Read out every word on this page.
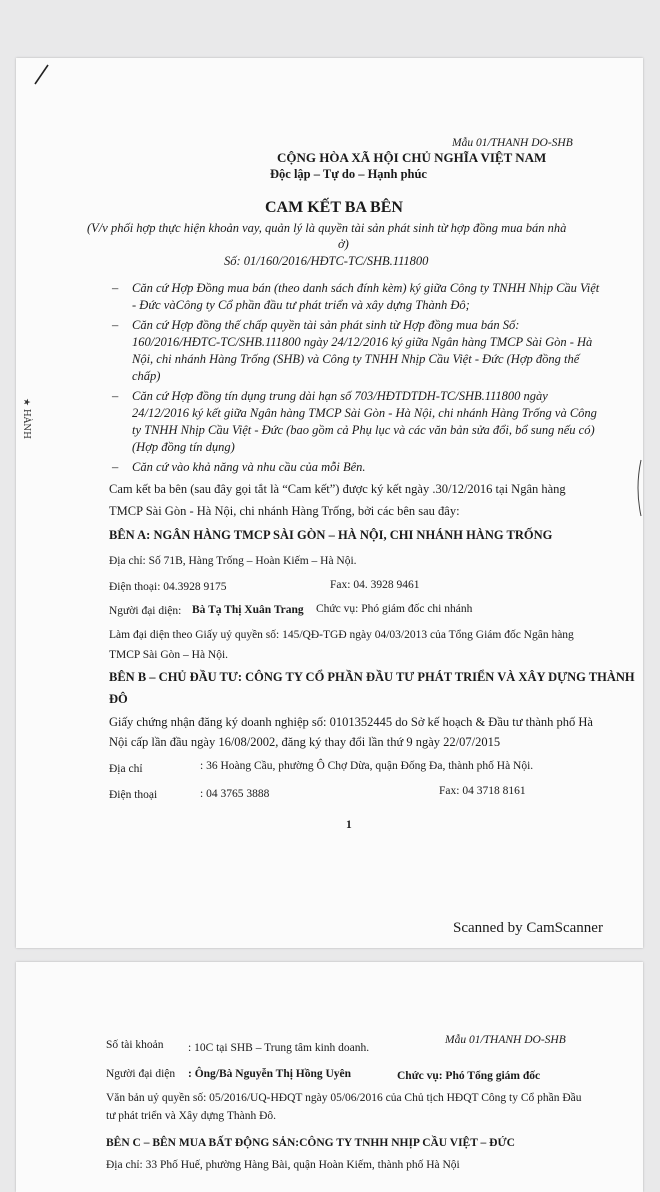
★ HÀNH
Mẫu 01/THANH DO-SHB
CỘNG HÒA XÃ HỘI CHỦ NGHĨA VIỆT NAM
Độc lập – Tự do – Hạnh phúc
CAM KẾT BA BÊN
(V/v phối hợp thực hiện khoản vay, quản lý là quyền tài sản phát sinh từ hợp đồng mua bán nhà
ở)
Số: 01/160/2016/HĐTC-TC/SHB.111800
– Căn cứ Hợp Đồng mua bán (theo danh sách đính kèm) ký giữa Công ty TNHH Nhịp Cầu Việt - Đức vàCông ty Cổ phần đầu tư phát triển và xây dựng Thành Đô;
– Căn cứ Hợp đồng thế chấp quyền tài sản phát sinh từ Hợp đồng mua bán Số: 160/2016/HĐTC-TC/SHB.111800 ngày 24/12/2016 ký giữa Ngân hàng TMCP Sài Gòn - Hà Nội, chi nhánh Hàng Trống (SHB) và Công ty TNHH Nhịp Cầu Việt - Đức (Hợp đồng thế chấp)
– Căn cứ Hợp đồng tín dụng trung dài hạn số 703/HĐTDTDH-TC/SHB.111800 ngày 24/12/2016 ký kết giữa Ngân hàng TMCP Sài Gòn - Hà Nội, chi nhánh Hàng Trống và Công ty TNHH Nhịp Cầu Việt - Đức (bao gồm cả Phụ lục và các văn bản sửa đổi, bổ sung nếu có) (Hợp đồng tín dụng)
– Căn cứ vào khả năng và nhu cầu của mỗi Bên.
Cam kết ba bên (sau đây gọi tắt là “Cam kết”) được ký kết ngày .30/12/2016 tại Ngân hàng
TMCP Sài Gòn - Hà Nội, chi nhánh Hàng Trống, bởi các bên sau đây:
BÊN A: NGÂN HÀNG TMCP SÀI GÒN – HÀ NỘI, CHI NHÁNH HÀNG TRỐNG
Địa chỉ: Số 71B, Hàng Trống – Hoàn Kiếm – Hà Nội.
Điện thoại: 04.3928 9175	Fax: 04. 3928 9461
Người đại diện: Bà Tạ Thị Xuân Trang Chức vụ: Phó giám đốc chi nhánh
Làm đại diện theo Giấy uỷ quyền số: 145/QĐ-TGĐ ngày 04/03/2013 của Tổng Giám đốc Ngân hàng
TMCP Sài Gòn – Hà Nội.
BÊN B – CHỦ ĐẦU TƯ: CÔNG TY CỔ PHẦN ĐẦU TƯ PHÁT TRIỂN VÀ XÂY DỰNG THÀNH
ĐÔ
Giấy chứng nhận đăng ký doanh nghiệp số: 0101352445 do Sở kế hoạch & Đầu tư thành phố Hà
Nội cấp lần đầu ngày 16/08/2002, đăng ký thay đổi lần thứ 9 ngày 22/07/2015
Địa chỉ	: 36 Hoàng Cầu, phường Ô Chợ Dừa, quận Đống Đa, thành phố Hà Nội.
Điện thoại	: 04 3765 3888	Fax: 04 3718 8161
1
Scanned by CamScanner
Mẫu 01/THANH DO-SHB
Số tài khoản : 10C tại SHB – Trung tâm kinh doanh.
Người đại diện : Ông/Bà Nguyễn Thị Hồng Uyên	Chức vụ: Phó Tổng giám đốc
Văn bản uỷ quyền số: 05/2016/UQ-HĐQT ngày 05/06/2016 của Chủ tịch HĐQT Công ty Cổ phần Đầu
tư phát triển và Xây dựng Thành Đô.
BÊN C – BÊN MUA BẤT ĐỘNG SẢN:CÔNG TY TNHH NHỊP CẦU VIỆT – ĐỨC
Địa chỉ: 33 Phố Huế, phường Hàng Bài, quận Hoàn Kiếm, thành phố Hà Nội
